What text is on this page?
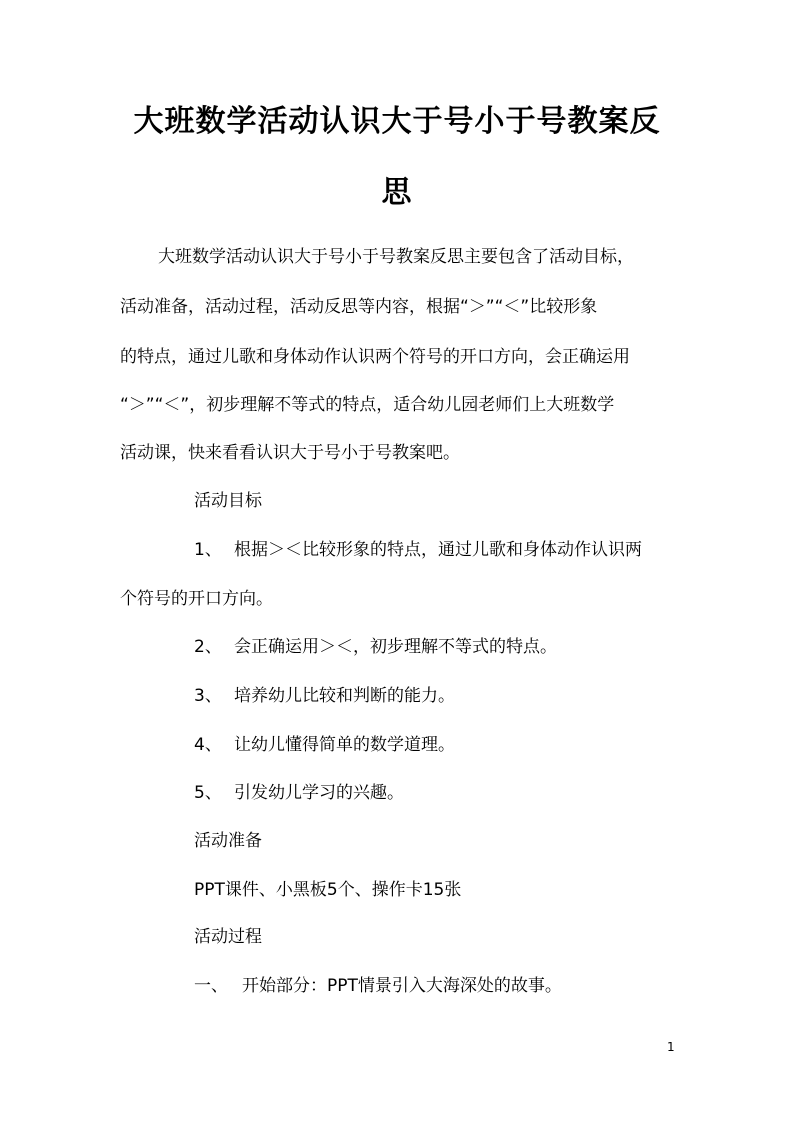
大班数学活动认识大于号小于号教案反
思
大班数学活动认识大于号小于号教案反思主要包含了活动目标，
活动准备，活动过程，活动反思等内容，根据“＞”“＜”比较形象
的特点，通过儿歌和身体动作认识两个符号的开口方向，会正确运用
“＞”“＜”，初步理解不等式的特点，适合幼儿园老师们上大班数学
活动课，快来看看认识大于号小于号教案吧。
活动目标
1、 根据＞＜比较形象的特点，通过儿歌和身体动作认识两
个符号的开口方向。
2、 会正确运用＞＜，初步理解不等式的特点。
3、 培养幼儿比较和判断的能力。
4、 让幼儿懂得简单的数学道理。
5、 引发幼儿学习的兴趣。
活动准备
PPT课件、小黑板5个、操作卡15张
活动过程
一、 开始部分：PPT情景引入大海深处的故事。
1
